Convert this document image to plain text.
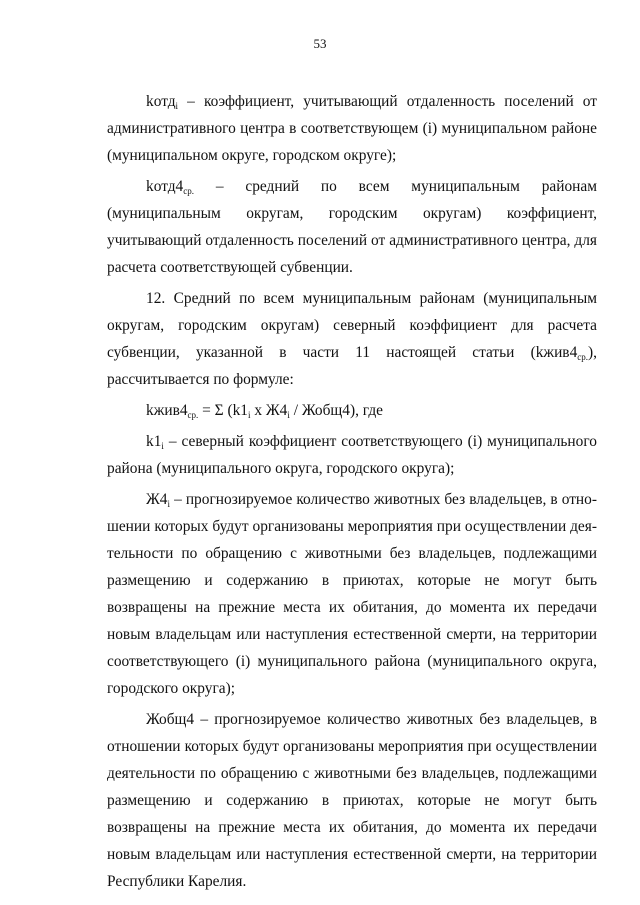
53

kотд$_i$ – коэффициент, учитывающий отдаленность поселений от административного центра в соответствующем (i) муниципальном районе (муниципальном округе, городском округе);

$kотд4_{ср.}$ – средний по всем муниципальным районам (муниципальным округам, городским округам) коэффициент, учитывающий отдаленность поселений от административного центра, для расчета соответствующей субвенции.

12. Средний по всем муниципальным районам (муниципальным округам, городским округам) северный коэффициент для расчета субвенции, указанной в части 11 настоящей статьи $(kжив4_{ср.})$, рассчитывается по формуле:

$kжив4_{ср.} = \Sigma$ ($k1_i$ х $Ж4_i$ / Жобщ4), где

$k1_i$ – северный коэффициент соответствующего (i) муниципального района (муниципального округа, городского округа);

$Ж4_i$ – прогнозируемое количество животных без владельцев, в отношении которых будут организованы мероприятия при осуществлении деятельности по обращению с животными без владельцев, подлежащими размещению и содержанию в приютах, которые не могут быть возвращены на прежние места их обитания, до момента их передачи новым владельцам или наступления естественной смерти, на территории соответствующего (i) муниципального района (муниципального округа, городского округа);

Жобщ4 – прогнозируемое количество животных без владельцев, в отношении которых будут организованы мероприятия при осуществлении деятельности по обращению с животными без владельцев, подлежащими размещению и содержанию в приютах, которые не могут быть возвращены на прежние места их обитания, до момента их передачи новым владельцам или наступления естественной смерти, на территории Республики Карелия.
